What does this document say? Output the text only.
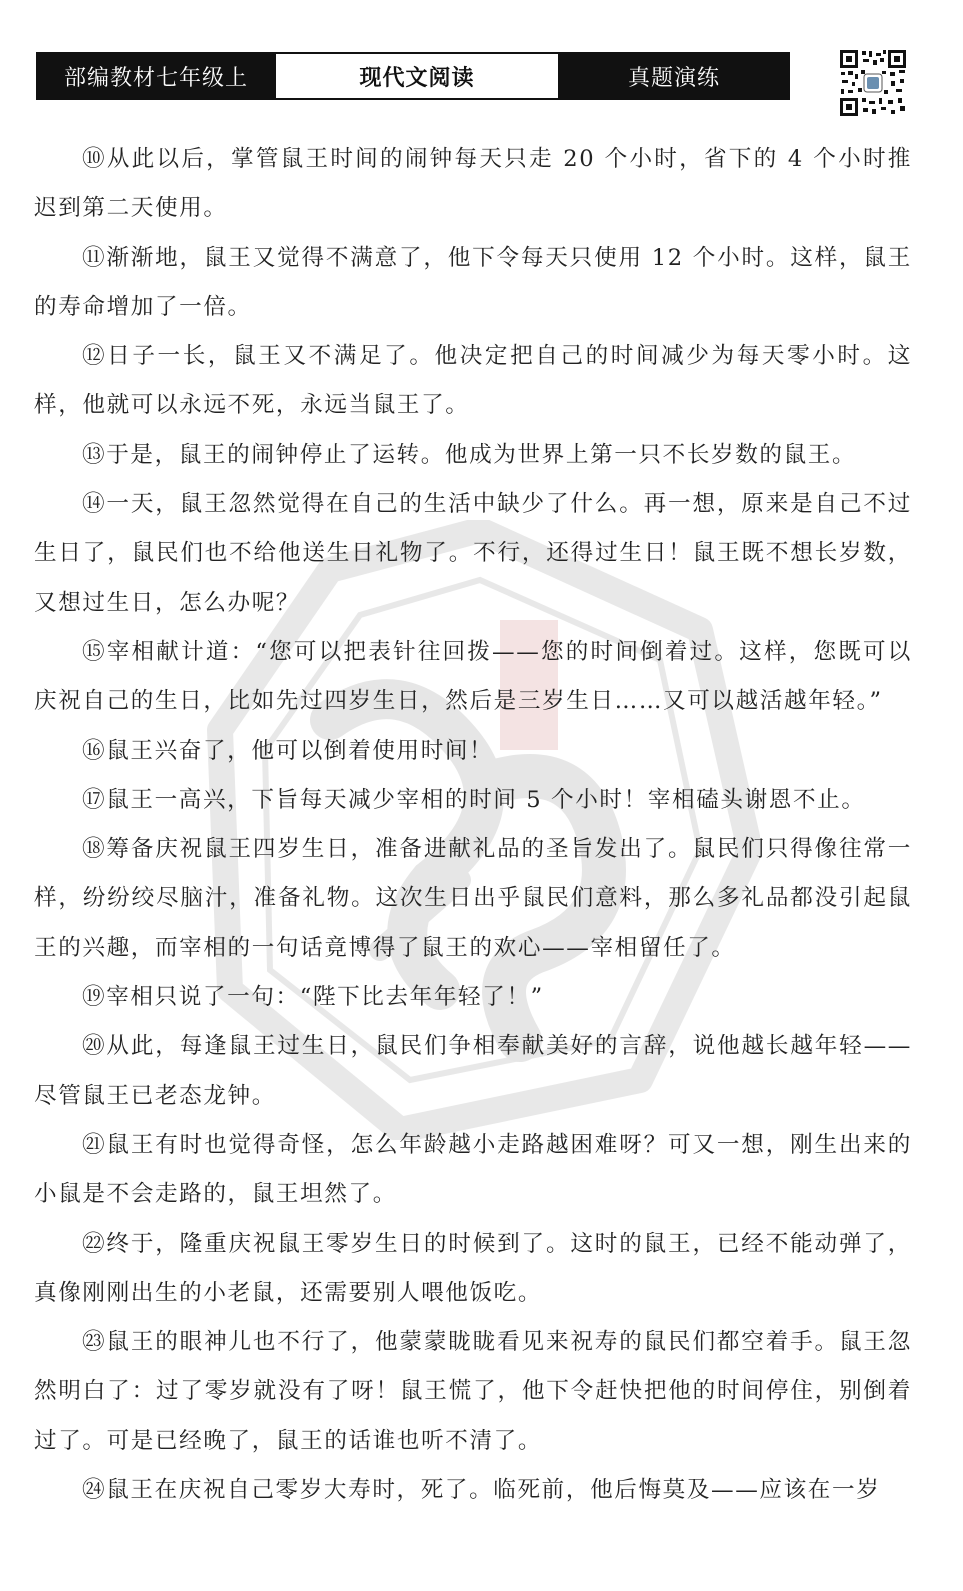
部编教材七年级上	现代文阅读	真题演练

⑩从此以后，掌管鼠王时间的闹钟每天只走 20 个小时，省下的 4 个小时推迟到第二天使用。

⑪渐渐地，鼠王又觉得不满意了，他下令每天只使用 12 个小时。这样，鼠王的寿命增加了一倍。

⑫日子一长，鼠王又不满足了。他决定把自己的时间减少为每天零小时。这样，他就可以永远不死，永远当鼠王了。

⑬于是，鼠王的闹钟停止了运转。他成为世界上第一只不长岁数的鼠王。

⑭一天，鼠王忽然觉得在自己的生活中缺少了什么。再一想，原来是自己不过生日了，鼠民们也不给他送生日礼物了。不行，还得过生日！鼠王既不想长岁数，又想过生日，怎么办呢？

⑮宰相献计道：“您可以把表针往回拨——您的时间倒着过。这样，您既可以庆祝自己的生日，比如先过四岁生日，然后是三岁生日……又可以越活越年轻。”

⑯鼠王兴奋了，他可以倒着使用时间！

⑰鼠王一高兴，下旨每天减少宰相的时间 5 个小时！宰相磕头谢恩不止。

⑱筹备庆祝鼠王四岁生日，准备进献礼品的圣旨发出了。鼠民们只得像往常一样，纷纷绞尽脑汁，准备礼物。这次生日出乎鼠民们意料，那么多礼品都没引起鼠王的兴趣，而宰相的一句话竟博得了鼠王的欢心——宰相留任了。

⑲宰相只说了一句：“陛下比去年年轻了！”

⑳从此，每逢鼠王过生日，鼠民们争相奉献美好的言辞，说他越长越年轻——尽管鼠王已老态龙钟。

㉑鼠王有时也觉得奇怪，怎么年龄越小走路越困难呀？可又一想，刚生出来的小鼠是不会走路的，鼠王坦然了。

㉒终于，隆重庆祝鼠王零岁生日的时候到了。这时的鼠王，已经不能动弹了，真像刚刚出生的小老鼠，还需要别人喂他饭吃。

㉓鼠王的眼神儿也不行了，他蒙蒙眬眬看见来祝寿的鼠民们都空着手。鼠王忽然明白了：过了零岁就没有了呀！鼠王慌了，他下令赶快把他的时间停住，别倒着过了。可是已经晚了，鼠王的话谁也听不清了。

㉔鼠王在庆祝自己零岁大寿时，死了。临死前，他后悔莫及——应该在一岁
